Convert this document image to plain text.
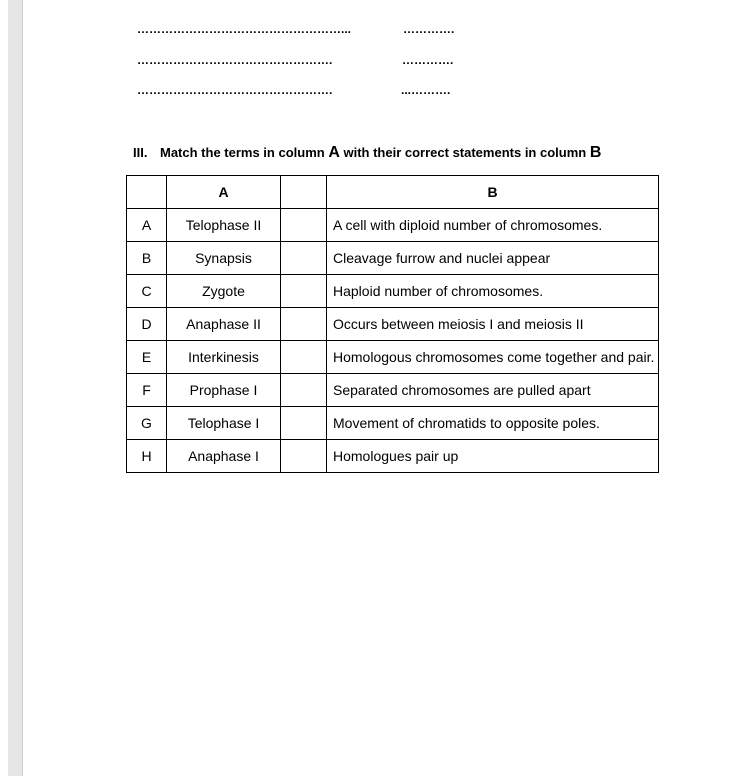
……………………………………………...	………….
………………………………………….	………….
………………………………………….	...……….
III. Match the terms in column A with their correct statements in column B
	A		B
A	Telophase II		A cell with diploid number of chromosomes.
B	Synapsis		Cleavage furrow and nuclei appear
C	Zygote		Haploid number of chromosomes.
D	Anaphase II		Occurs between meiosis I and meiosis II
E	Interkinesis		Homologous chromosomes come together and pair.
F	Prophase I		Separated chromosomes are pulled apart
G	Telophase I		Movement of chromatids to opposite poles.
H	Anaphase I		Homologues pair up
